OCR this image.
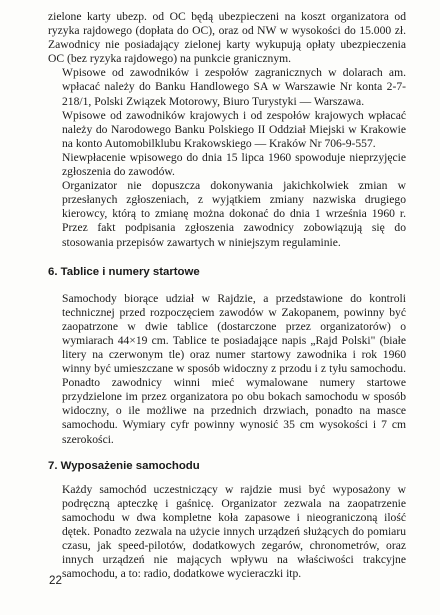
zielone karty ubezp. od OC będą ubezpieczeni na koszt organizatora od ryzyka rajdowego (dopłata do OC), oraz od NW w wysokości do 15.000 zł. Zawodnicy nie posiadający zielonej karty wykupują opłaty ubezpieczenia OC (bez ryzyka rajdowego) na punkcie granicznym.

Wpisowe od zawodników i zespołów zagranicznych w dolarach am. wpłacać należy do Banku Handlowego SA w Warszawie Nr konta 2-7-218/1, Polski Związek Motorowy, Biuro Turystyki — Warszawa.

Wpisowe od zawodników krajowych i od zespołów krajowych wpłacać należy do Narodowego Banku Polskiego II Oddział Miejski w Krakowie na konto Automobilklubu Krakowskiego — Kraków Nr 706-9-557.

Niewpłacenie wpisowego do dnia 15 lipca 1960 spowoduje nieprzyjęcie zgłoszenia do zawodów.

Organizator nie dopuszcza dokonywania jakichkolwiek zmian w przesłanych zgłoszeniach, z wyjątkiem zmiany nazwiska drugiego kierowcy, którą to zmianę można dokonać do dnia 1 września 1960 r. Przez fakt podpisania zgłoszenia zawodnicy zobowiązują się do stosowania przepisów zawartych w niniejszym regulaminie.

6. Tablice i numery startowe

Samochody biorące udział w Rajdzie, a przedstawione do kontroli technicznej przed rozpoczęciem zawodów w Zakopanem, powinny być zaopatrzone w dwie tablice (dostarczone przez organizatorów) o wymiarach 44×19 cm. Tablice te posiadające napis „Rajd Polski" (białe litery na czerwonym tle) oraz numer startowy zawodnika i rok 1960 winny być umieszczane w sposób widoczny z przodu i z tyłu samochodu. Ponadto zawodnicy winni mieć wymalowane numery startowe przydzielone im przez organizatora po obu bokach samochodu w sposób widoczny, o ile możliwe na przednich drzwiach, ponadto na masce samochodu. Wymiary cyfr powinny wynosić 35 cm wysokości i 7 cm szerokości.

7. Wyposażenie samochodu

Każdy samochód uczestniczący w rajdzie musi być wyposażony w podręczną apteczkę i gaśnicę. Organizator zezwala na zaopatrzenie samochodu w dwa kompletne koła zapasowe i nieograniczoną ilość dętek. Ponadto zezwala na użycie innych urządzeń służących do pomiaru czasu, jak speed-pilotów, dodatkowych zegarów, chronometrów, oraz innych urządzeń nie mających wpływu na właściwości trakcyjne samochodu, a to: radio, dodatkowe wycieraczki itp.

22
